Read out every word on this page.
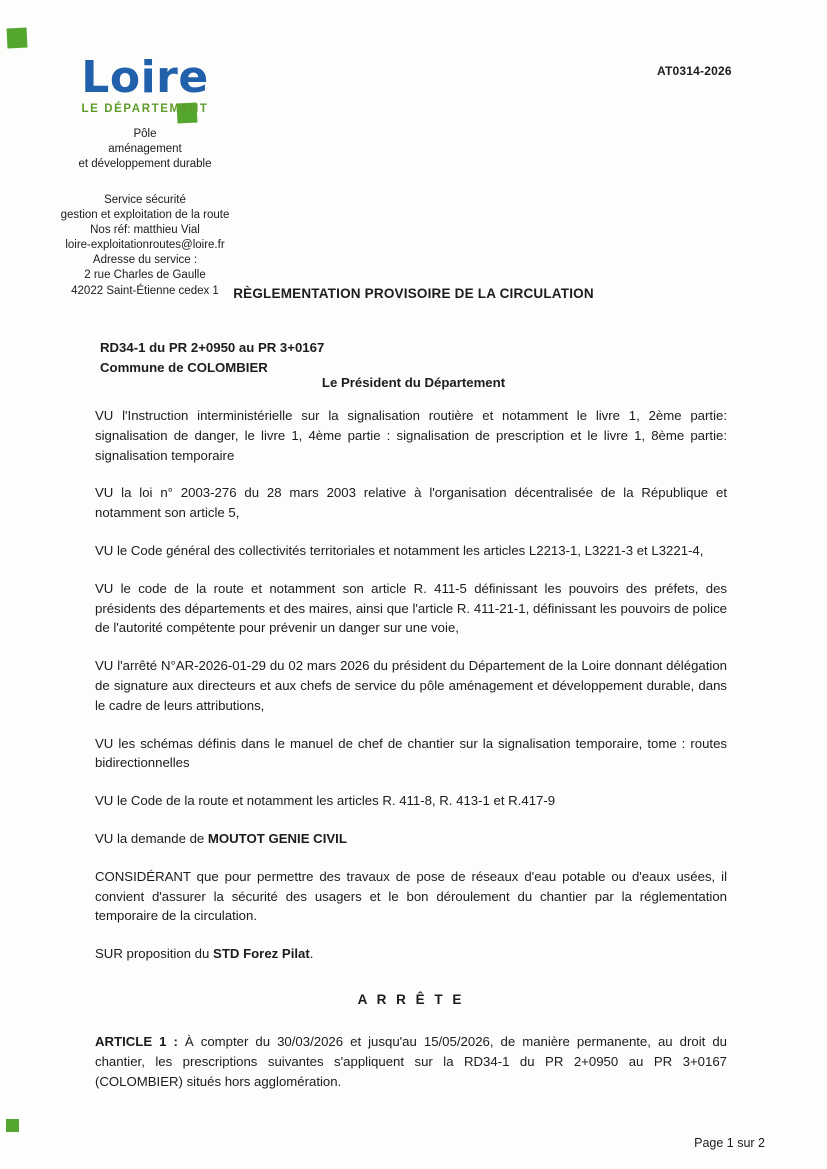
AT0314-2026
Loire
LE DÉPARTEMENT
Pôle
aménagement
et développement durable
Service sécurité
gestion et exploitation de la route
Nos réf: matthieu Vial
loire-exploitationroutes@loire.fr
Adresse du service :
2 rue Charles de Gaulle
42022 Saint-Étienne cedex 1	RÈGLEMENTATION PROVISOIRE DE LA CIRCULATION
RD34-1 du PR 2+0950 au PR 3+0167
Commune de COLOMBIER
Le Président du Département

VU l'Instruction interministérielle sur la signalisation routière et notamment le livre 1, 2ème partie: signalisation de danger, le livre 1, 4ème partie : signalisation de prescription et le livre 1, 8ème partie: signalisation temporaire

VU la loi n° 2003-276 du 28 mars 2003 relative à l'organisation décentralisée de la République et notamment son article 5,

VU le Code général des collectivités territoriales et notamment les articles L2213-1, L3221-3 et L3221-4,

VU le code de la route et notamment son article R. 411-5 définissant les pouvoirs des préfets, des présidents des départements et des maires, ainsi que l'article R. 411-21-1, définissant les pouvoirs de police de l'autorité compétente pour prévenir un danger sur une voie,

VU l'arrêté N°AR-2026-01-29 du 02 mars 2026 du président du Département de la Loire donnant délégation de signature aux directeurs et aux chefs de service du pôle aménagement et développement durable, dans le cadre de leurs attributions,

VU les schémas définis dans le manuel de chef de chantier sur la signalisation temporaire, tome : routes bidirectionnelles

VU le Code de la route et notamment les articles R. 411-8, R. 413-1 et R.417-9

VU la demande de MOUTOT GENIE CIVIL

CONSIDÉRANT que pour permettre des travaux de pose de réseaux d'eau potable ou d'eaux usées, il convient d'assurer la sécurité des usagers et le bon déroulement du chantier par la réglementation temporaire de la circulation.

SUR proposition du STD Forez Pilat.

A R R Ê T E

ARTICLE 1 : À compter du 30/03/2026 et jusqu'au 15/05/2026, de manière permanente, au droit du chantier, les prescriptions suivantes s'appliquent sur la RD34-1 du PR 2+0950 au PR 3+0167 (COLOMBIER) situés hors agglomération.

Page 1 sur 2
